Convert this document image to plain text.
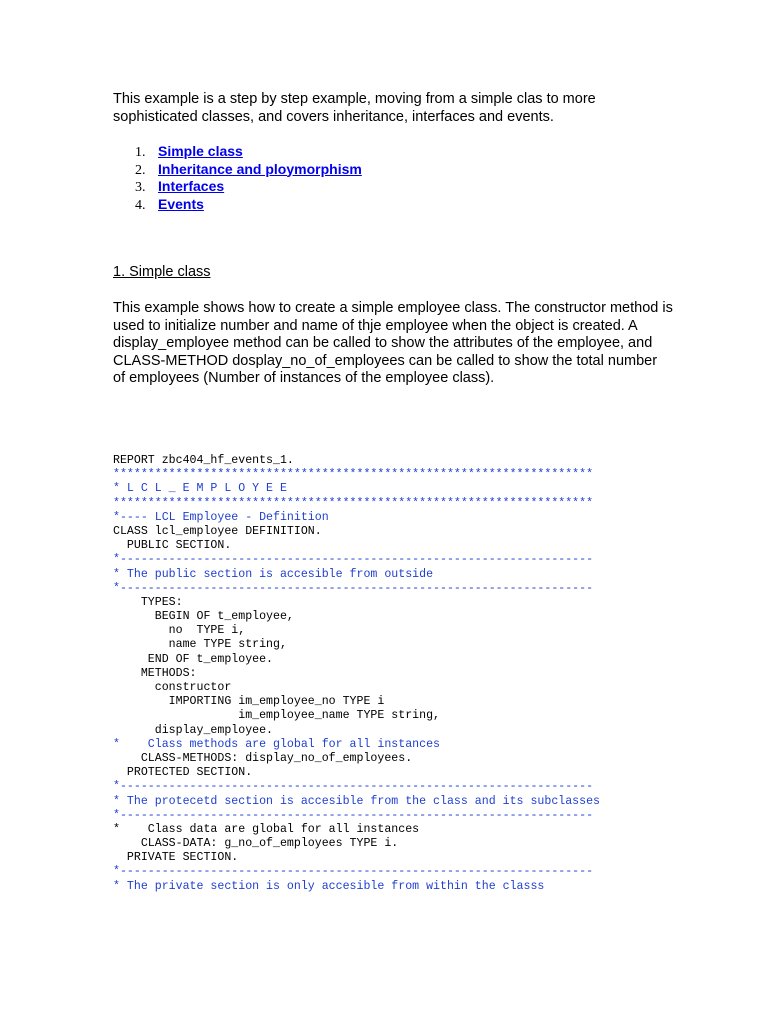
This example is a step by step example, moving from a simple clas to more sophisticated classes, and covers inheritance, interfaces and events.
1. Simple class
2. Inheritance and ploymorphism
3. Interfaces
4. Events
1. Simple class
This example shows how to create a simple employee class. The constructor method is used to initialize number and name of thje employee when the object is created. A display_employee method can be called to show the attributes of the employee, and CLASS-METHOD dosplay_no_of_employees can be called to show the total number of employees (Number of instances of the employee class).
REPORT zbc404_hf_events_1.
*********************************************************************
* L C L _ E M P L O Y E E
*********************************************************************
*---- LCL Employee - Definition
CLASS lcl_employee DEFINITION.
PUBLIC SECTION.
*--------------------------------------------------------------------
* The public section is accesible from outside
*--------------------------------------------------------------------
TYPES:
BEGIN OF t_employee,
no  TYPE i,
name TYPE string,
END OF t_employee.
METHODS:
constructor
IMPORTING im_employee_no TYPE i
im_employee_name TYPE string,
display_employee.
*    Class methods are global for all instances
CLASS-METHODS: display_no_of_employees.
PROTECTED SECTION.
*--------------------------------------------------------------------
* The protecetd section is accesible from the class and its subclasses
*--------------------------------------------------------------------
*    Class data are global for all instances
CLASS-DATA: g_no_of_employees TYPE i.
PRIVATE SECTION.
*--------------------------------------------------------------------
* The private section is only accesible from within the classs
